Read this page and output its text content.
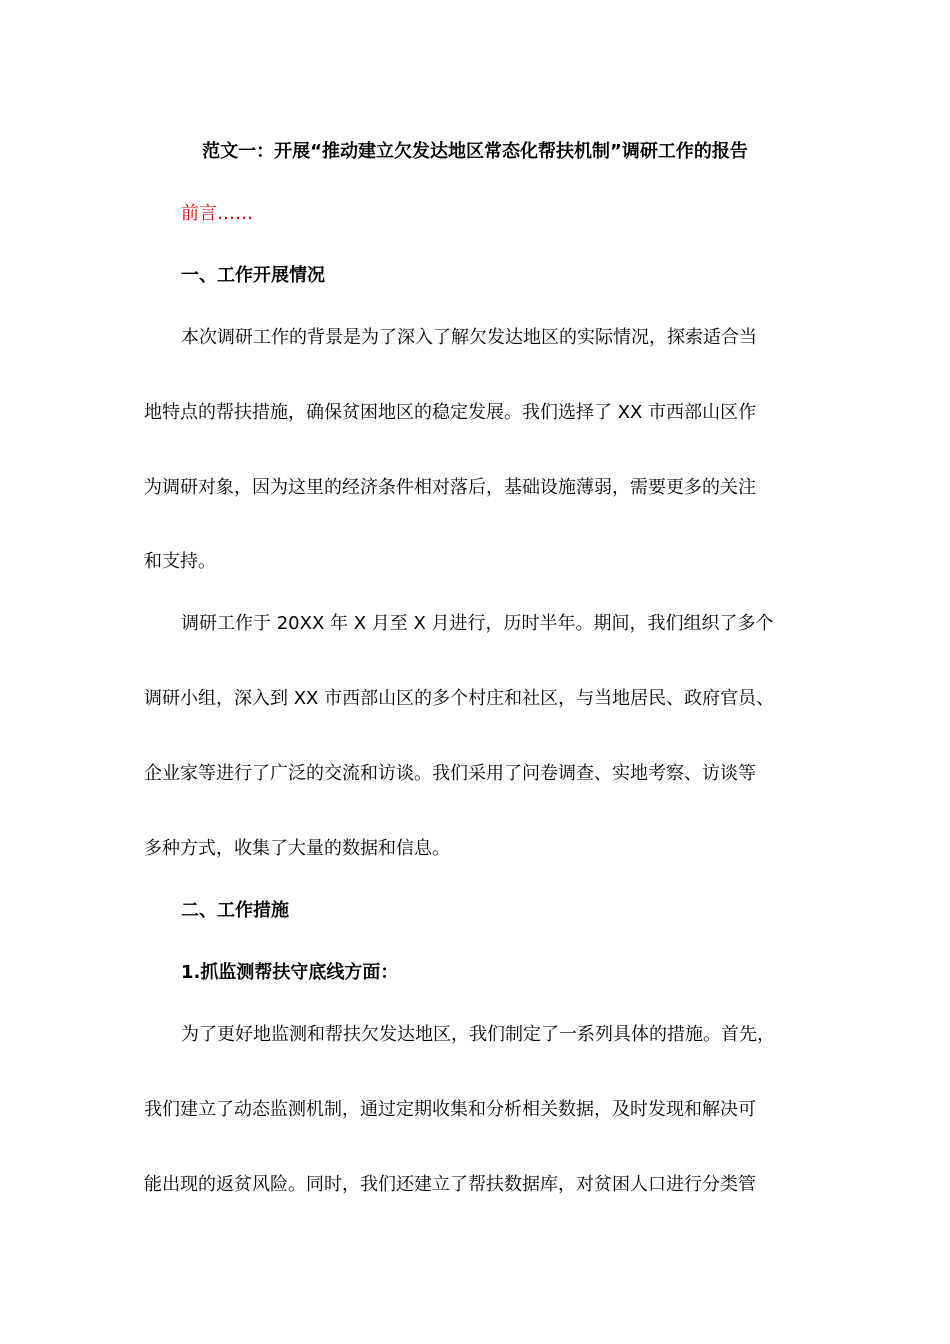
范文一：开展“推动建立欠发达地区常态化帮扶机制”调研工作的报告
前言……
一、工作开展情况
本次调研工作的背景是为了深入了解欠发达地区的实际情况，探索适合当
地特点的帮扶措施，确保贫困地区的稳定发展。我们选择了 XX 市西部山区作
为调研对象，因为这里的经济条件相对落后，基础设施薄弱，需要更多的关注
和支持。
调研工作于 20XX 年 X 月至 X 月进行，历时半年。期间，我们组织了多个
调研小组，深入到 XX 市西部山区的多个村庄和社区，与当地居民、政府官员、
企业家等进行了广泛的交流和访谈。我们采用了问卷调查、实地考察、访谈等
多种方式，收集了大量的数据和信息。
二、工作措施
1.抓监测帮扶守底线方面：
为了更好地监测和帮扶欠发达地区，我们制定了一系列具体的措施。首先，
我们建立了动态监测机制，通过定期收集和分析相关数据，及时发现和解决可
能出现的返贫风险。同时，我们还建立了帮扶数据库，对贫困人口进行分类管
